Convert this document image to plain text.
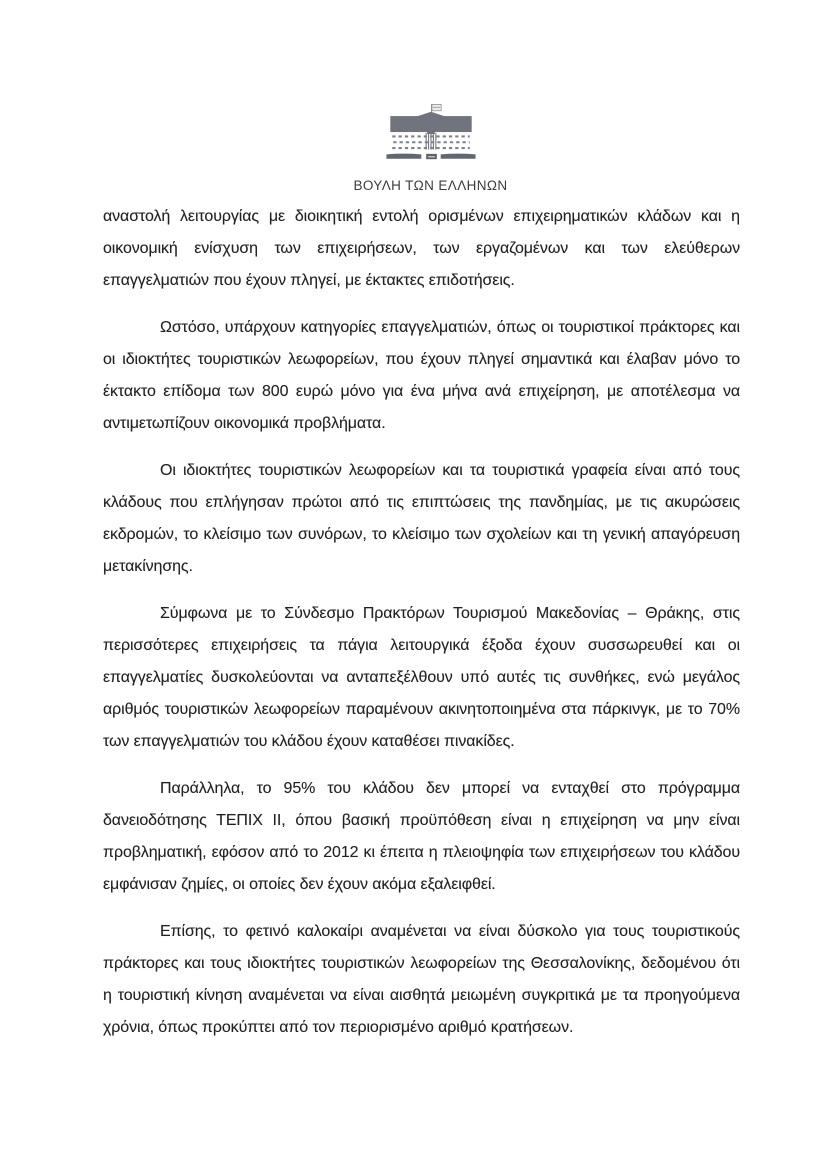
ΒΟΥΛΗ ΤΩΝ ΕΛΛΗΝΩΝ

αναστολή λειτουργίας με διοικητική εντολή ορισμένων επιχειρηματικών κλάδων και η οικονομική ενίσχυση των επιχειρήσεων, των εργαζομένων και των ελεύθερων επαγγελματιών που έχουν πληγεί, με έκτακτες επιδοτήσεις.

Ωστόσο, υπάρχουν κατηγορίες επαγγελματιών, όπως οι τουριστικοί πράκτορες και οι ιδιοκτήτες τουριστικών λεωφορείων, που έχουν πληγεί σημαντικά και έλαβαν μόνο το έκτακτο επίδομα των 800 ευρώ μόνο για ένα μήνα ανά επιχείρηση, με αποτέλεσμα να αντιμετωπίζουν οικονομικά προβλήματα.

Οι ιδιοκτήτες τουριστικών λεωφορείων και τα τουριστικά γραφεία είναι από τους κλάδους που επλήγησαν πρώτοι από τις επιπτώσεις της πανδημίας, με τις ακυρώσεις εκδρομών, το κλείσιμο των συνόρων, το κλείσιμο των σχολείων και τη γενική απαγόρευση μετακίνησης.

Σύμφωνα με το Σύνδεσμο Πρακτόρων Τουρισμού Μακεδονίας – Θράκης, στις περισσότερες επιχειρήσεις τα πάγια λειτουργικά έξοδα έχουν συσσωρευθεί και οι επαγγελματίες δυσκολεύονται να ανταπεξέλθουν υπό αυτές τις συνθήκες, ενώ μεγάλος αριθμός τουριστικών λεωφορείων παραμένουν ακινητοποιημένα στα πάρκινγκ, με το 70% των επαγγελματιών του κλάδου έχουν καταθέσει πινακίδες.

Παράλληλα, το 95% του κλάδου δεν μπορεί να ενταχθεί στο πρόγραμμα δανειοδότησης ΤΕΠΙΧ ΙΙ, όπου βασική προϋπόθεση είναι η επιχείρηση να μην είναι προβληματική, εφόσον από το 2012 κι έπειτα η πλειοψηφία των επιχειρήσεων του κλάδου εμφάνισαν ζημίες, οι οποίες δεν έχουν ακόμα εξαλειφθεί.

Επίσης, το φετινό καλοκαίρι αναμένεται να είναι δύσκολο για τους τουριστικούς πράκτορες και τους ιδιοκτήτες τουριστικών λεωφορείων της Θεσσαλονίκης, δεδομένου ότι η τουριστική κίνηση αναμένεται να είναι αισθητά μειωμένη συγκριτικά με τα προηγούμενα χρόνια, όπως προκύπτει από τον περιορισμένο αριθμό κρατήσεων.
